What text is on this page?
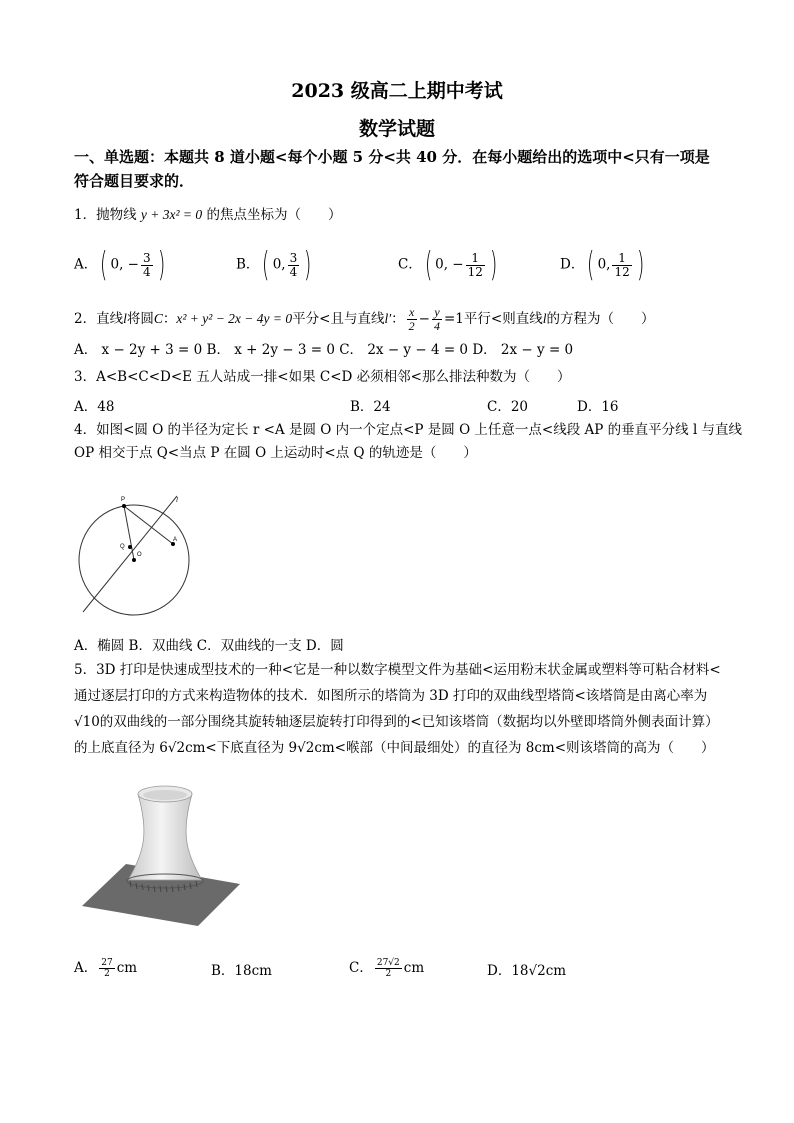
2023 级高二上期中考试
数学试题
一、单选题：本题共 8 道小题<每个小题 5 分<共 40 分．在每小题给出的选项中<只有一项是
符合题目要求的．
1．抛物线 y + 3x² = 0 的焦点坐标为（　　）
A．( 0, − $\frac{3}{4}$ )	B．( 0, $\frac{3}{4}$ )	C．( 0, − $\frac{1}{12}$ )	D．( 0, $\frac{1}{12}$ )
2．直线l将圆C：x² + y² − 2x − 4y = 0平分<且与直线l′： $\frac{x}{2} - \frac{y}{4} =1$平行<则直线l的方程为（　　）
A． x − 2y + 3 = 0 B． x + 2y − 3 = 0 C． 2x − y − 4 = 0 D． 2x − y = 0
3．A<B<C<D<E 五人站成一排<如果 C<D 必须相邻<那么排法种数为（　　）
A．48	B．24	C．20	D．16
4．如图<圆 O 的半径为定长 r <A 是圆 O 内一个定点<P 是圆 O 上任意一点<线段 AP 的垂直平分线 l 与直线
OP 相交于点 Q<当点 P 在圆 O 上运动时<点 Q 的轨迹是（　　）
P
Q
O
A
l
A．椭圆 B．双曲线 C．双曲线的一支 D．圆
5．3D 打印是快速成型技术的一种<它是一种以数字模型文件为基础<运用粉末状金属或塑料等可粘合材料<
通过逐层打印的方式来构造物体的技术．如图所示的塔筒为 3D 打印的双曲线型塔筒<该塔筒是由离心率为
√10的双曲线的一部分围绕其旋转轴逐层旋转打印得到的<已知该塔筒（数据均以外壁即塔筒外侧表面计算）
的上底直径为 6√2cm<下底直径为 9√2cm<喉部（中间最细处）的直径为 8cm<则该塔筒的高为（　　）
A． $\frac{27}{2}$ cm	B．18cm	C． $\frac{27√2}{2}$ cm	D．18√2cm
